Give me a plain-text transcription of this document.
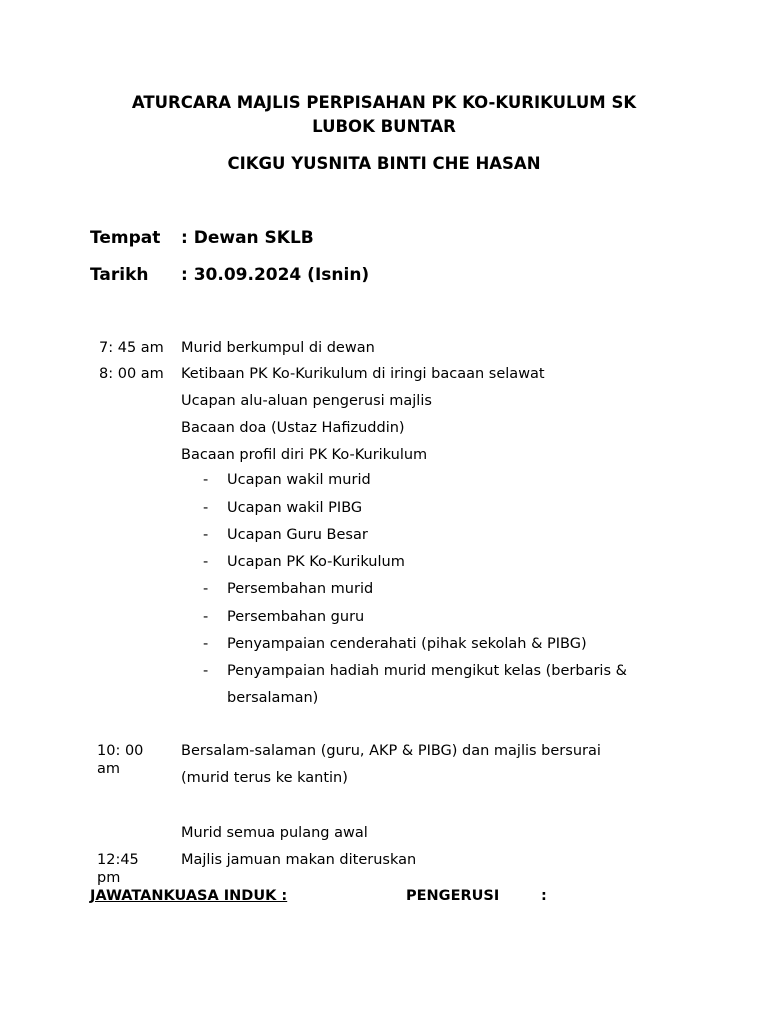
ATURCARA MAJLIS PERPISAHAN PK KO-KURIKULUM SK
LUBOK BUNTAR
CIKGU YUSNITA BINTI CHE HASAN
Tempat : Dewan SKLB
Tarikh : 30.09.2024 (Isnin)
7: 45 am Murid berkumpul di dewan
8: 00 am Ketibaan PK Ko-Kurikulum di iringi bacaan selawat
Ucapan alu-aluan pengerusi majlis
Bacaan doa (Ustaz Hafizuddin)
Bacaan profil diri PK Ko-Kurikulum
- Ucapan wakil murid
- Ucapan wakil PIBG
- Ucapan Guru Besar
- Ucapan PK Ko-Kurikulum
- Persembahan murid
- Persembahan guru
- Penyampaian cenderahati (pihak sekolah & PIBG)
- Penyampaian hadiah murid mengikut kelas (berbaris &
bersalaman)
10: 00
am
Bersalam-salaman (guru, AKP & PIBG) dan majlis bersurai
(murid terus ke kantin)
Murid semua pulang awal
12:45
pm
Majlis jamuan makan diteruskan
JAWATANKUASA INDUK :	PENGERUSI	:
